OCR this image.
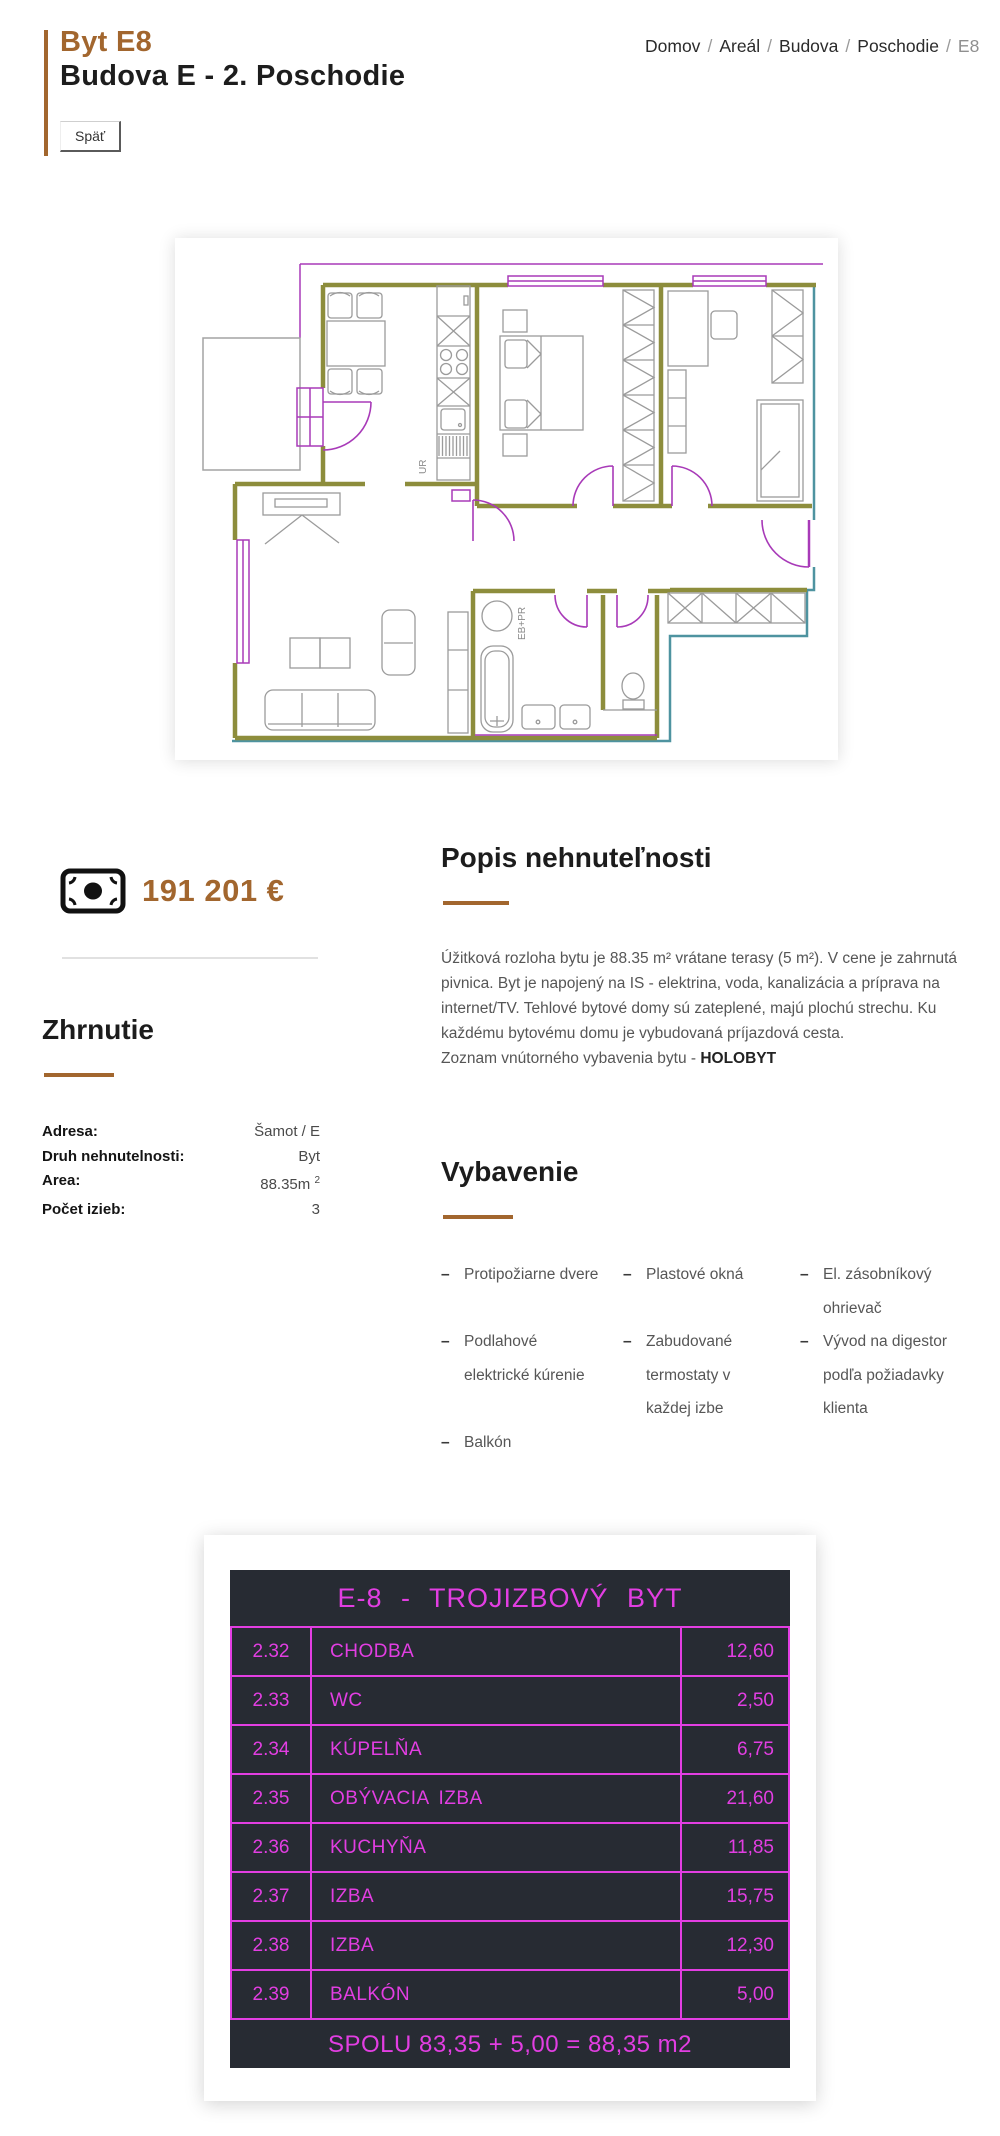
Byt E8
Budova E - 2. Poschodie
Späť
Domov / Areál / Budova / Poschodie / E8
UR
EB+PR
191 201 €
Zhrnutie
Adresa:	Šamot / E
Druh nehnutelnosti:	Byt
Area:	88.35m $^2$
Počet izieb:	3
Popis nehnuteľnosti
Úžitková rozloha bytu je 88.35 m² vrátane terasy (5 m²). V cene je zahrnutá pivnica. Byt je napojený na IS - elektrina, voda, kanalizácia a príprava na internet/TV. Tehlové bytové domy sú zateplené, majú plochú strechu. Ku každému bytovému domu je vybudovaná príjazdová cesta.
Zoznam vnútorného vybavenia bytu - HOLOBYT
Vybavenie
– Protipožiarne dvere – Plastové okná	– El. zásobníkový ohrievač
– Podlahové elektrické kúrenie
– Zabudované termostaty v každej izbe
– Vývod na digestor podľa požiadavky klienta
– Balkón
E-8 - TROJIZBOVÝ BYT
2.32	CHODBA	12,60
2.33	WC	2,50
2.34	KÚPELŇA	6,75
2.35	OBÝVACIA IZBA	21,60
2.36	KUCHYŇA	11,85
2.37	IZBA	15,75
2.38	IZBA	12,30
2.39	BALKÓN	5,00
SPOLU 83,35 + 5,00 = 88,35 m2
